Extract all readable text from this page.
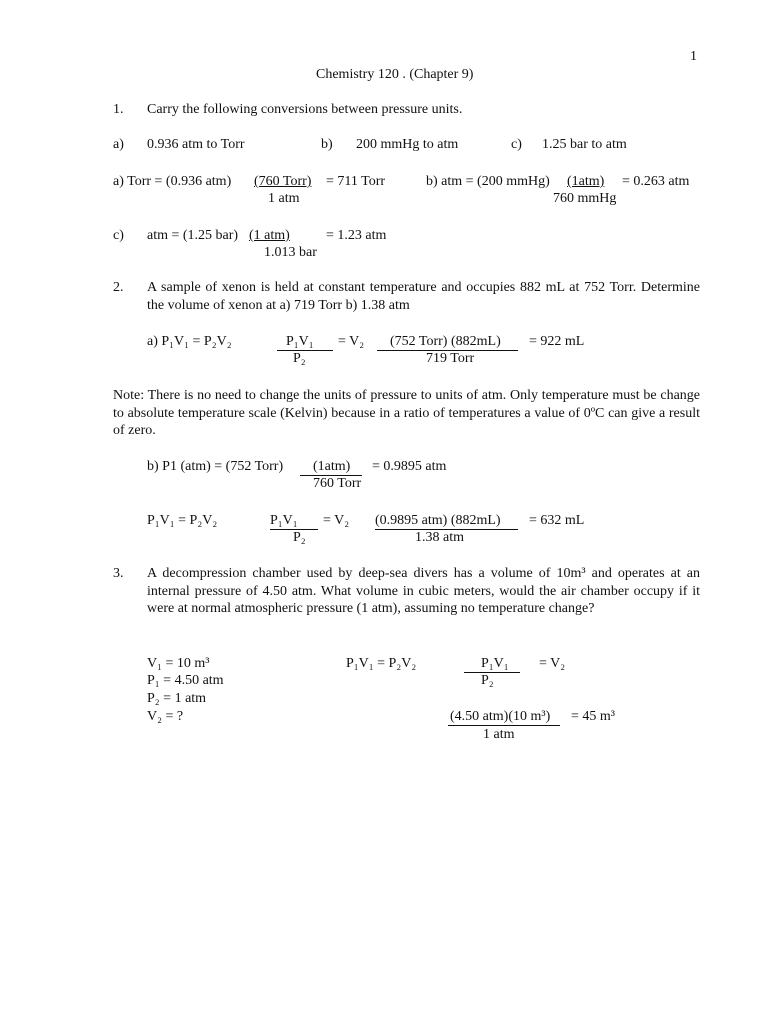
1
Chemistry 120 . (Chapter 9)
1. Carry the following conversions between pressure units.
a) 0.936 atm to Torr	b) 200 mmHg to atm	c) 1.25 bar to atm
a) Torr = (0.936 atm) (760 Torr) = 711 Torr
1 atm
b) atm = (200 mmHg) (1atm) = 0.263 atm
760 mmHg
c) atm = (1.25 bar) (1 atm)	= 1.23 atm
1.013 bar
2. A sample of xenon is held at constant temperature and occupies 882 mL at 752 Torr. Determine the volume of xenon at a) 719 Torr b) 1.38 atm
a) P₁V₁ = P₂V₂	P₁V₁
P₂
= V₂ (752 Torr) (882mL)
719 Torr
= 922 mL
Note: There is no need to change the units of pressure to units of atm. Only temperature must be change to absolute temperature scale (Kelvin) because in a ratio of temperatures a value of 0ºC can give a result of zero.
b) P1 (atm) = (752 Torr) (1atm) = 0.9895 atm
760 Torr
P₁V₁ = P₂V₂	P₁V₁
P₂
= V₂ (0.9895 atm) (882mL)
1.38 atm
= 632 mL
3. A decompression chamber used by deep-sea divers has a volume of 10m³ and operates at an internal pressure of 4.50 atm. What volume in cubic meters, would the air chamber occupy if it were at normal atmospheric pressure (1 atm), assuming no temperature change?
V₁ = 10 m³
P₁ = 4.50 atm
P₂ = 1 atm
V₂ = ?
P₁V₁ = P₂V₂	P₁V₁
P₂
= V₂
(4.50 atm)(10 m³)
1 atm
= 45 m³
